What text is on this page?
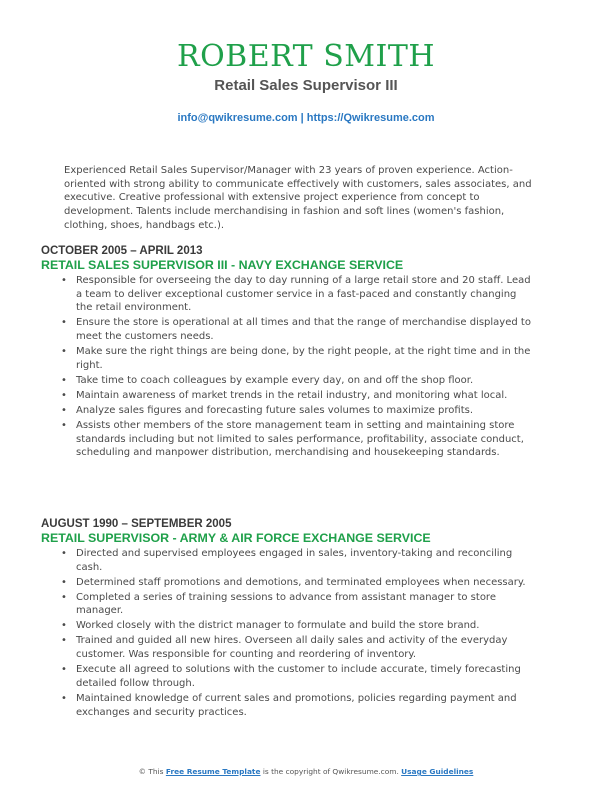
ROBERT SMITH
Retail Sales Supervisor III
info@qwikresume.com | https://Qwikresume.com
Experienced Retail Sales Supervisor/Manager with 23 years of proven experience. Action-oriented with strong ability to communicate effectively with customers, sales associates, and executive. Creative professional with extensive project experience from concept to development. Talents include merchandising in fashion and soft lines (women's fashion, clothing, shoes, handbags etc.).
OCTOBER 2005 – APRIL 2013
RETAIL SALES SUPERVISOR III - NAVY EXCHANGE SERVICE
• Responsible for overseeing the day to day running of a large retail store and 20 staff. Lead a team to deliver exceptional customer service in a fast-paced and constantly changing the retail environment.
• Ensure the store is operational at all times and that the range of merchandise displayed to meet the customers needs.
• Make sure the right things are being done, by the right people, at the right time and in the right.
• Take time to coach colleagues by example every day, on and off the shop floor.
• Maintain awareness of market trends in the retail industry, and monitoring what local.
• Analyze sales figures and forecasting future sales volumes to maximize profits.
• Assists other members of the store management team in setting and maintaining store standards including but not limited to sales performance, profitability, associate conduct, scheduling and manpower distribution, merchandising and housekeeping standards.
AUGUST 1990 – SEPTEMBER 2005
RETAIL SUPERVISOR - ARMY & AIR FORCE EXCHANGE SERVICE
• Directed and supervised employees engaged in sales, inventory-taking and reconciling cash.
• Determined staff promotions and demotions, and terminated employees when necessary.
• Completed a series of training sessions to advance from assistant manager to store manager.
• Worked closely with the district manager to formulate and build the store brand.
• Trained and guided all new hires. Overseen all daily sales and activity of the everyday customer. Was responsible for counting and reordering of inventory.
• Execute all agreed to solutions with the customer to include accurate, timely forecasting detailed follow through.
• Maintained knowledge of current sales and promotions, policies regarding payment and exchanges and security practices.
© This Free Resume Template is the copyright of Qwikresume.com. Usage Guidelines
